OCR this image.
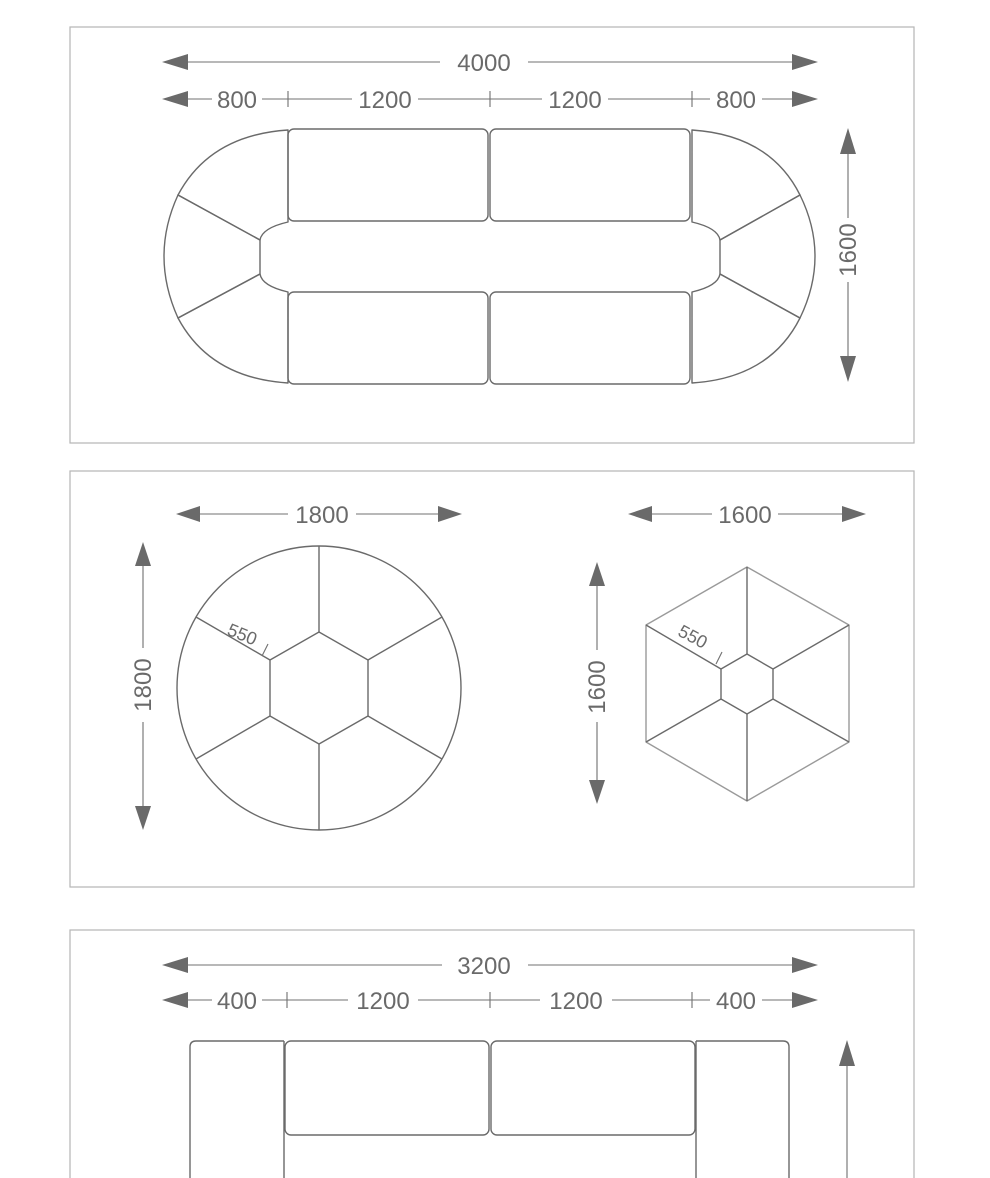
4000
800	1200	1200	800
1600
1800
1800
550
1600
1600
550
3200
400	1200	1200	400
